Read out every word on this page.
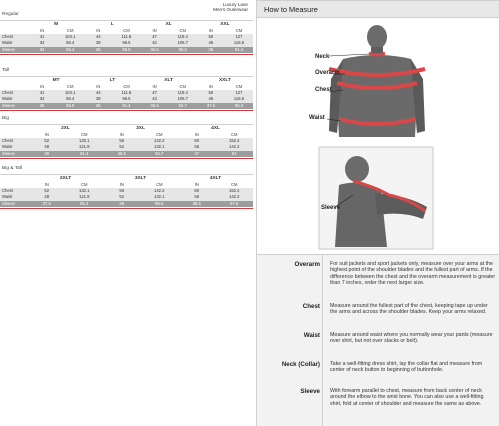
Luxury Lane
Men's Outerwear
Regular
	M		L		XL		XXL	
	IN	CM	IN	CM	IN	CM	IN	CM
Chest	41	104.1	44	111.8	47	119.4	50	127
Waist	34	86.4	38	96.5	42	106.7	46	116.8
Sleeve	34	86.4	35	88.9	35.5	90.2	36	91.4
Tall
	MT		LT		XLT		XXLT	
	IN	CM	IN	CM	IN	CM	IN	CM
Chest	41	104.1	44	111.8	47	119.4	50	127
Waist	34	86.4	38	96.5	42	106.7	46	116.8
Sleeve	35	88.9	36	91.4	36.5	92.7	37.5	95.3
Big
	2XL		3XL		4XL	
	IN	CM	IN	CM	IN	CM
Chest	52	132.1	56	142.2	60	152.4
Waist	48	121.9	52	132.1	56	142.2
Sleeve	36	91.4	36.5	92.7	37	94
Big & Tall
	2XLT		3XLT		4XLT	
	IN	CM	IN	CM	IN	CM
Chest	52	132.1	56	142.2	60	152.4
Waist	48	121.9	52	132.1	56	142.2
Sleeve	37.5	95.3	38	96.5	38.5	97.8
How to Measure
Neck
Overarm
Chest
Waist
Sleeve
Overarm For suit jackets and sport jackets only, measure over your arms at the highest point of the shoulder blades and the fullest part of arms. If the difference between the chest and the overarm measurement is greater than 7 inches, order the next larger size.
Chest Measure around the fullest part of the chest, keeping tape up under the arms and across the shoulder blades. Keep your arms relaxed.
Waist Measure around waist where you normally wear your pants (measure over shirt, but not over slacks or belt).
Neck (Collar) Take a well-fitting dress shirt, lay the collar flat and measure from center of neck button to beginning of buttonhole.
Sleeve With forearm parallel to chest, measure from back center of neck around the elbow to the wrist bone. You can also use a well-fitting shirt, fold at center of shoulder and measure the same as above.
